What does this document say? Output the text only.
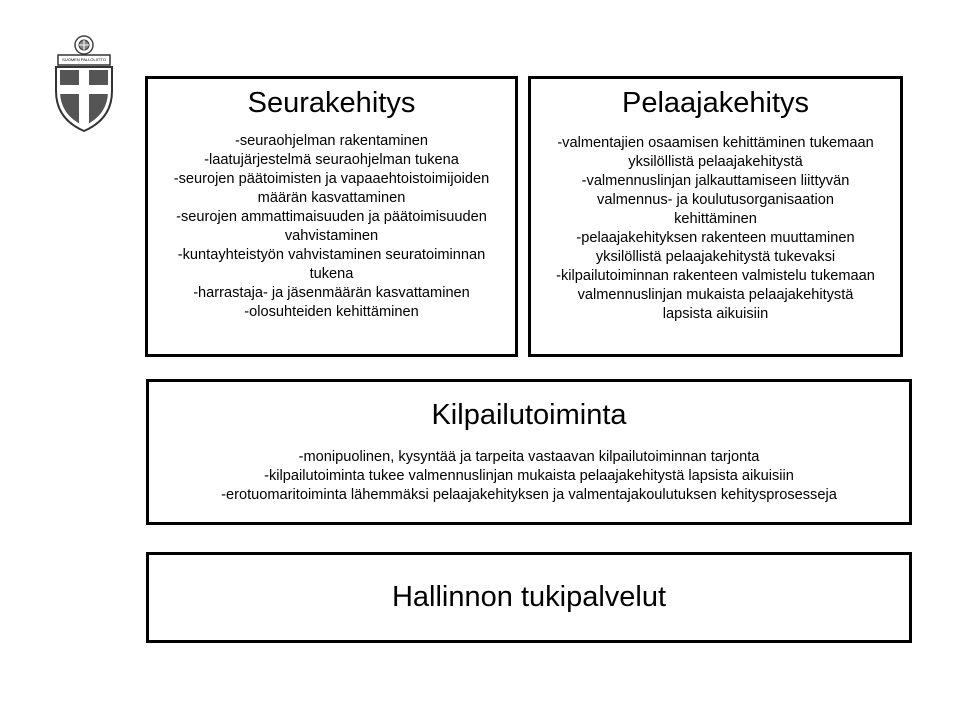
SUOMEN PALLOLIITTO
Seurakehitys
-seuraohjelman rakentaminen
-laatujärjestelmä seuraohjelman tukena
-seurojen päätoimisten ja vapaaehtoistoimijoiden
määrän kasvattaminen
-seurojen ammattimaisuuden ja päätoimisuuden
vahvistaminen
-kuntayhteistyön vahvistaminen seuratoiminnan
tukena
-harrastaja- ja jäsenmäärän kasvattaminen
-olosuhteiden kehittäminen
Pelaajakehitys
-valmentajien osaamisen kehittäminen tukemaan
yksilöllistä pelaajakehitystä
-valmennuslinjan jalkauttamiseen liittyvän
valmennus- ja koulutusorganisaation
kehittäminen
-pelaajakehityksen rakenteen muuttaminen
yksilöllistä pelaajakehitystä tukevaksi
-kilpailutoiminnan rakenteen valmistelu tukemaan
valmennuslinjan mukaista pelaajakehitystä
lapsista aikuisiin
Kilpailutoiminta
-monipuolinen, kysyntää ja tarpeita vastaavan kilpailutoiminnan tarjonta
-kilpailutoiminta tukee valmennuslinjan mukaista pelaajakehitystä lapsista aikuisiin
-erotuomaritoiminta lähemmäksi pelaajakehityksen ja valmentajakoulutuksen kehitysprosesseja
Hallinnon tukipalvelut
